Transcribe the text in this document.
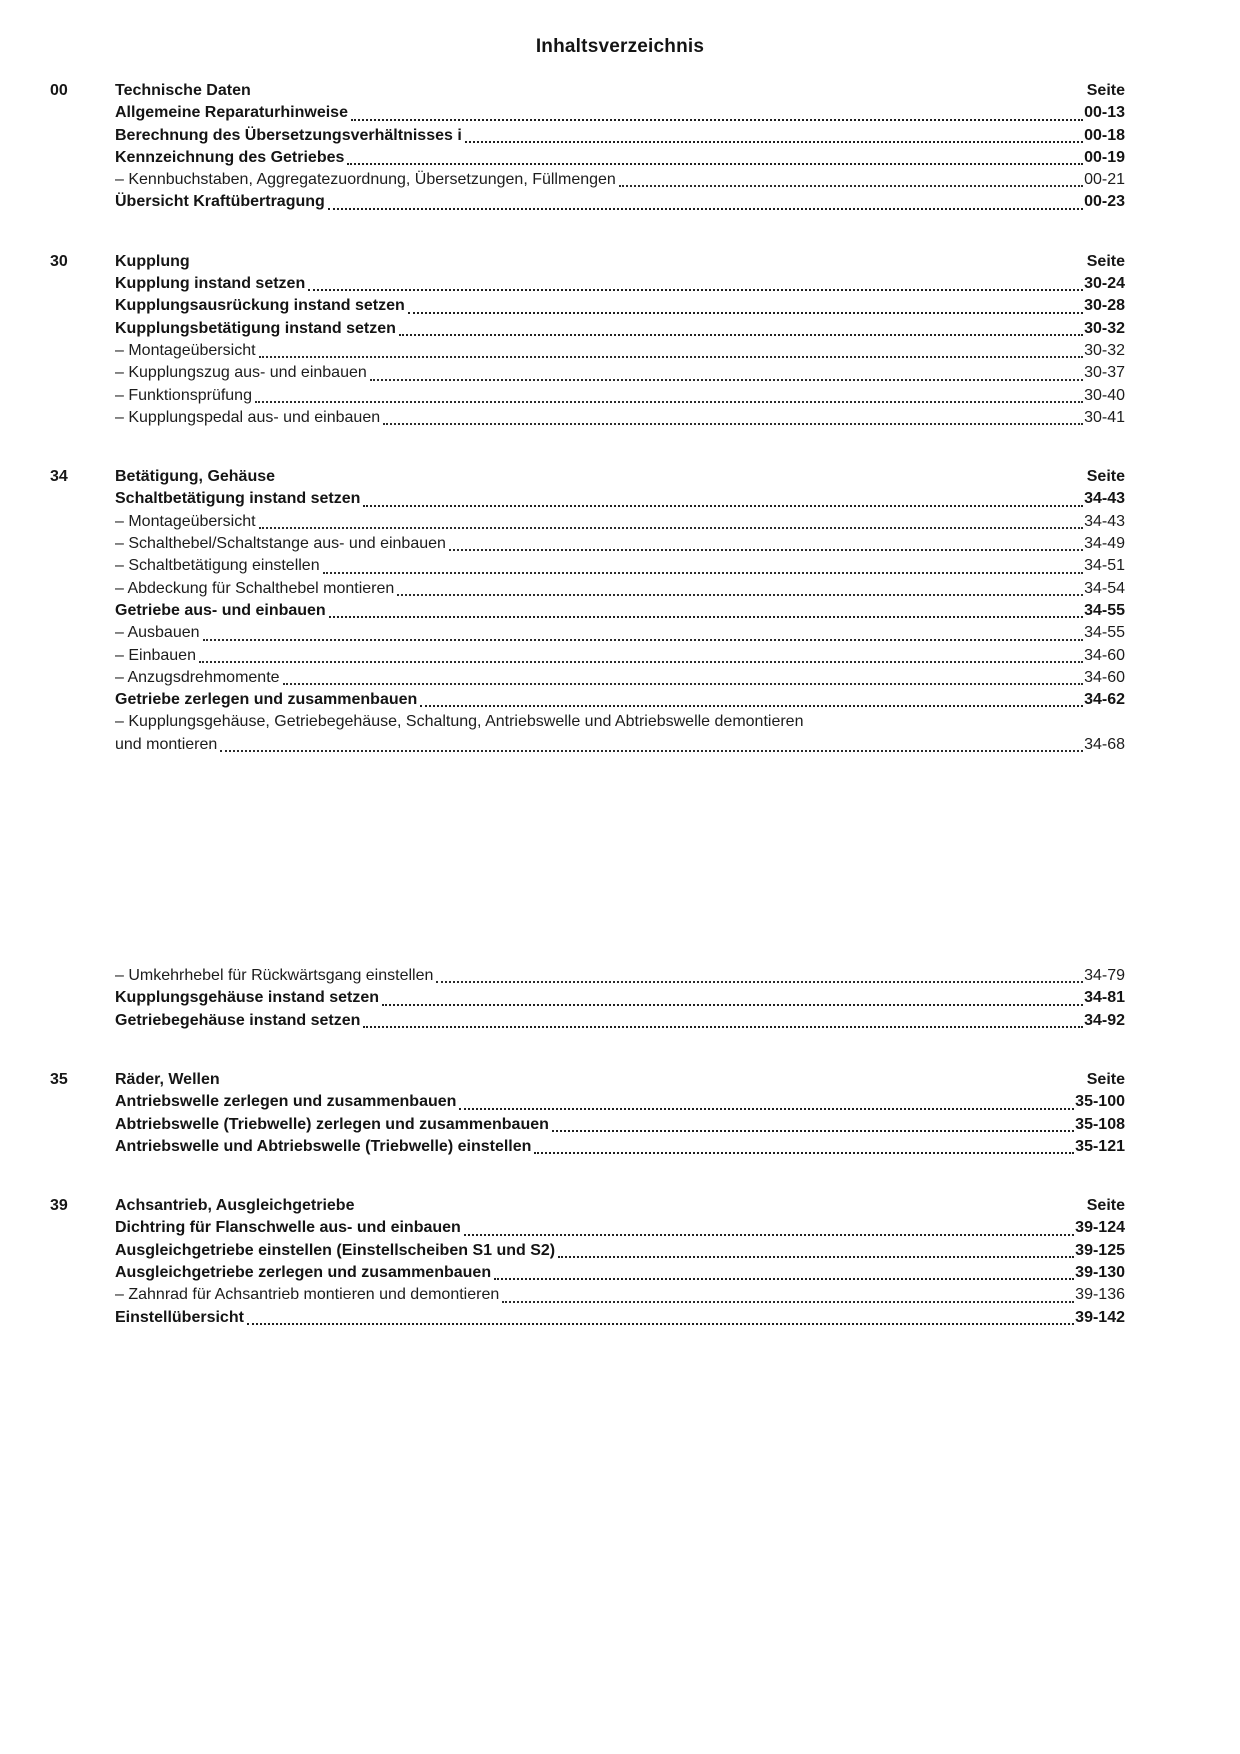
Inhaltsverzeichnis
00	Technische Daten	Seite
Allgemeine Reparaturhinweise	00-13
Berechnung des Übersetzungsverhältnisses i	00-18
Kennzeichnung des Getriebes	00-19
– Kennbuchstaben, Aggregatezuordnung, Übersetzungen, Füllmengen	00-21
Übersicht Kraftübertragung	00-23
30	Kupplung	Seite
Kupplung instand setzen	30-24
Kupplungsausrückung instand setzen	30-28
Kupplungsbetätigung instand setzen	30-32
– Montageübersicht	30-32
– Kupplungszug aus- und einbauen	30-37
– Funktionsprüfung	30-40
– Kupplungspedal aus- und einbauen	30-41
34	Betätigung, Gehäuse	Seite
Schaltbetätigung instand setzen	34-43
– Montageübersicht	34-43
– Schalthebel/Schaltstange aus- und einbauen	34-49
– Schaltbetätigung einstellen	34-51
– Abdeckung für Schalthebel montieren	34-54
Getriebe aus- und einbauen	34-55
– Ausbauen	34-55
– Einbauen	34-60
– Anzugsdrehmomente	34-60
Getriebe zerlegen und zusammenbauen	34-62
– Kupplungsgehäuse, Getriebegehäuse, Schaltung, Antriebswelle und Abtriebswelle demontieren
und montieren	34-68
– Umkehrhebel für Rückwärtsgang einstellen	34-79
Kupplungsgehäuse instand setzen	34-81
Getriebegehäuse instand setzen	34-92
35	Räder, Wellen	Seite
Antriebswelle zerlegen und zusammenbauen	35-100
Abtriebswelle (Triebwelle) zerlegen und zusammenbauen	35-108
Antriebswelle und Abtriebswelle (Triebwelle) einstellen	35-121
39	Achsantrieb, Ausgleichgetriebe	Seite
Dichtring für Flanschwelle aus- und einbauen	39-124
Ausgleichgetriebe einstellen (Einstellscheiben S1 und S2)	39-125
Ausgleichgetriebe zerlegen und zusammenbauen	39-130
– Zahnrad für Achsantrieb montieren und demontieren	39-136
Einstellübersicht	39-142
